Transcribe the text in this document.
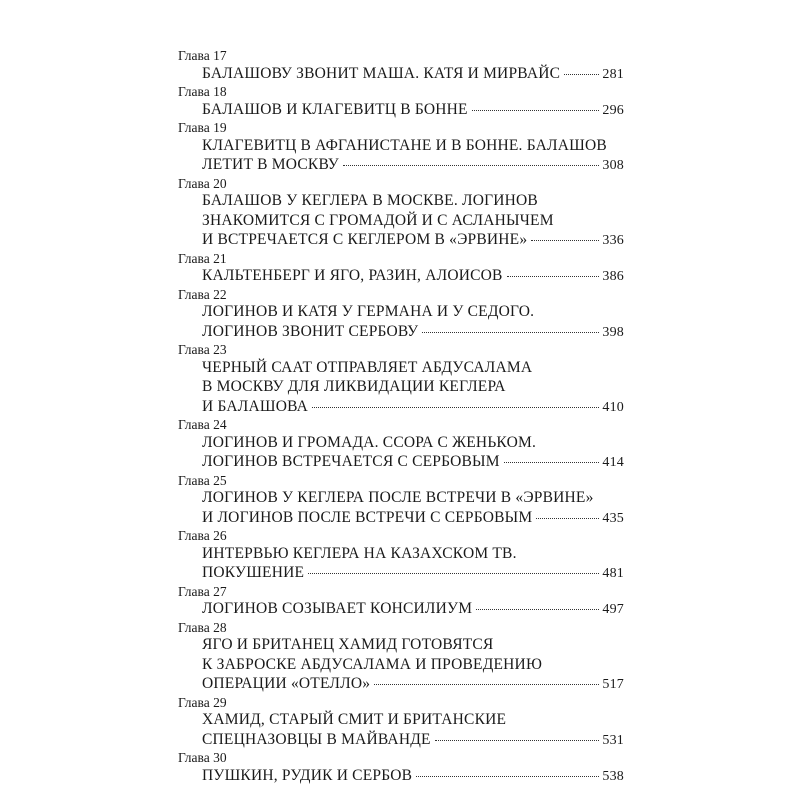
Глава 17
БАЛАШОВУ ЗВОНИТ МАША. КАТЯ И МИРВАЙС	281
Глава 18
БАЛАШОВ И КЛАГЕВИТЦ В БОННЕ	296
Глава 19
КЛАГЕВИТЦ В АФГАНИСТАНЕ И В БОННЕ. БАЛАШОВ
ЛЕТИТ В МОСКВУ	308
Глава 20
БАЛАШОВ У КЕГЛЕРА В МОСКВЕ. ЛОГИНОВ
ЗНАКОМИТСЯ С ГРОМАДОЙ И С АСЛАНЫЧЕМ
И ВСТРЕЧАЕТСЯ С КЕГЛЕРОМ В «ЭРВИНЕ»	336
Глава 21
КАЛЬТЕНБЕРГ И ЯГО, РАЗИН, АЛОИСОВ	386
Глава 22
ЛОГИНОВ И КАТЯ У ГЕРМАНА И У СЕДОГО.
ЛОГИНОВ ЗВОНИТ СЕРБОВУ	398
Глава 23
ЧЕРНЫЙ СААТ ОТПРАВЛЯЕТ АБДУСАЛАМА
В МОСКВУ ДЛЯ ЛИКВИДАЦИИ КЕГЛЕРА
И БАЛАШОВА	410
Глава 24
ЛОГИНОВ И ГРОМАДА. ССОРА С ЖЕНЬКОМ.
ЛОГИНОВ ВСТРЕЧАЕТСЯ С СЕРБОВЫМ	414
Глава 25
ЛОГИНОВ У КЕГЛЕРА ПОСЛЕ ВСТРЕЧИ В «ЭРВИНЕ»
И ЛОГИНОВ ПОСЛЕ ВСТРЕЧИ С СЕРБОВЫМ	435
Глава 26
ИНТЕРВЬЮ КЕГЛЕРА НА КАЗАХСКОМ ТВ.
ПОКУШЕНИЕ	481
Глава 27
ЛОГИНОВ СОЗЫВАЕТ КОНСИЛИУМ	497
Глава 28
ЯГО И БРИТАНЕЦ ХАМИД ГОТОВЯТСЯ
К ЗАБРОСКЕ АБДУСАЛАМА И ПРОВЕДЕНИЮ
ОПЕРАЦИИ «ОТЕЛЛО»	517
Глава 29
ХАМИД, СТАРЫЙ СМИТ И БРИТАНСКИЕ
СПЕЦНАЗОВЦЫ В МАЙВАНДЕ	531
Глава 30
ПУШКИН, РУДИК И СЕРБОВ	538
